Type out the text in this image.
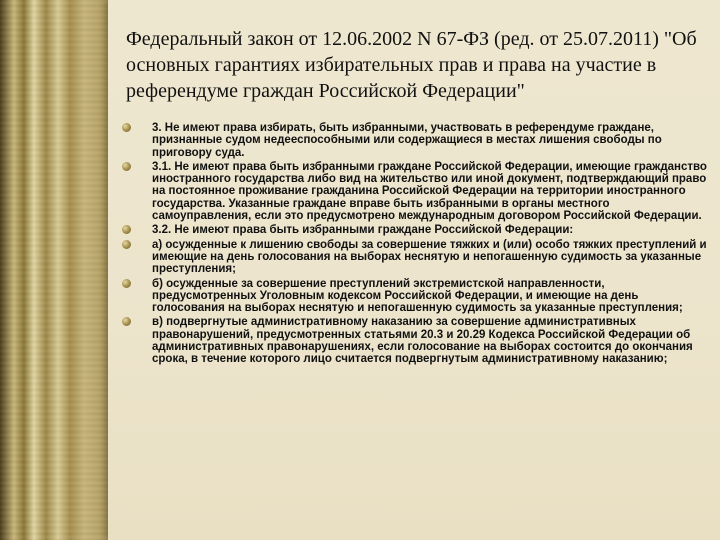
Федеральный закон от 12.06.2002 N 67-ФЗ (ред. от 25.07.2011) "Об основных гарантиях избирательных прав и права на участие в референдуме граждан Российской Федерации"
3. Не имеют права избирать, быть избранными, участвовать в референдуме граждане, признанные судом недееспособными или содержащиеся в местах лишения свободы по приговору суда.
3.1. Не имеют права быть избранными граждане Российской Федерации, имеющие гражданство иностранного государства либо вид на жительство или иной документ, подтверждающий право на постоянное проживание гражданина Российской Федерации на территории иностранного государства. Указанные граждане вправе быть избранными в органы местного самоуправления, если это предусмотрено международным договором Российской Федерации.
3.2. Не имеют права быть избранными граждане Российской Федерации:
а) осужденные к лишению свободы за совершение тяжких и (или) особо тяжких преступлений и имеющие на день голосования на выборах неснятую и непогашенную судимость за указанные преступления;
б) осужденные за совершение преступлений экстремистской направленности, предусмотренных Уголовным кодексом Российской Федерации, и имеющие на день голосования на выборах неснятую и непогашенную судимость за указанные преступления;
в) подвергнутые административному наказанию за совершение административных правонарушений, предусмотренных статьями 20.3 и 20.29 Кодекса Российской Федерации об административных правонарушениях, если голосование на выборах состоится до окончания срока, в течение которого лицо считается подвергнутым административному наказанию;
